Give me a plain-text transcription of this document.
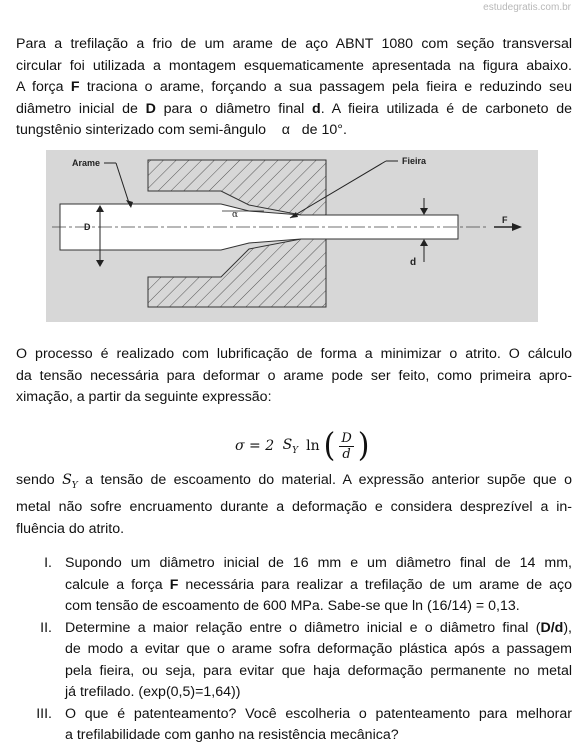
estudegratis.com.br
Para a trefilação a frio de um arame de aço ABNT 1080 com seção transversal
circular foi utilizada a montagem esquematicamente apresentada na figura abaixo.
A força F traciona o arame, forçando a sua passagem pela fieira e reduzindo seu
diâmetro inicial de D para o diâmetro final d. A fieira utilizada é de carboneto de
tungstênio sinterizado com semi-ângulo    α   de 10°.
D
d
α
Arame	Fieira
F
O processo é realizado com lubrificação de forma a minimizar o atrito. O cálculo
da tensão necessária para deformar o arame pode ser feito, como primeira apro-
ximação, a partir da seguinte expressão:
σ = 2 $S_Y$ ln ( $\frac{D}{d}$ )
sendo $S_Y$ a tensão de escoamento do material. A expressão anterior supõe que o
metal não sofre encruamento durante a deformação e considera desprezível a in-
fluência do atrito.
I. Supondo um diâmetro inicial de 16 mm e um diâmetro final de 14 mm,
calcule a força F necessária para realizar a trefilação de um arame de aço
com tensão de escoamento de 600 MPa. Sabe-se que ln (16/14) = 0,13.
II. Determine a maior relação entre o diâmetro inicial e o diâmetro final (D/d),
de modo a evitar que o arame sofra deformação plástica após a passagem
pela fieira, ou seja, para evitar que haja deformação permanente no metal
já trefilado. (exp(0,5)=1,64))
III. O que é patenteamento? Você escolheria o patenteamento para melhorar
a trefilabilidade com ganho na resistência mecânica?
